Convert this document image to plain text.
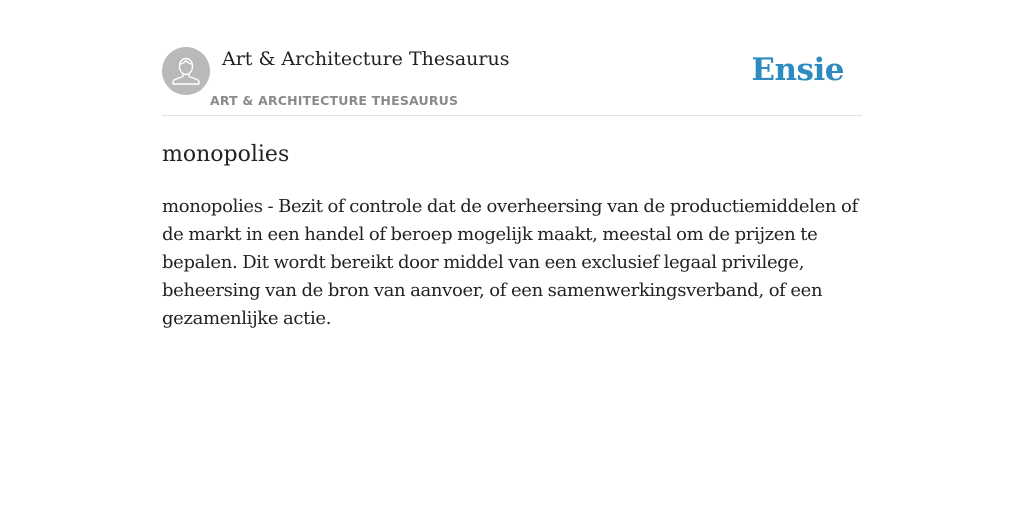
Art & Architecture Thesaurus
ART & ARCHITECTURE THESAURUS
Ensie
monopolies

monopolies - Bezit of controle dat de overheersing van de productiemiddelen of de markt in een handel of beroep mogelijk maakt, meestal om de prijzen te bepalen. Dit wordt bereikt door middel van een exclusief legaal privilege, beheersing van de bron van aanvoer, of een samenwerkingsverband, of een gezamenlijke actie.
